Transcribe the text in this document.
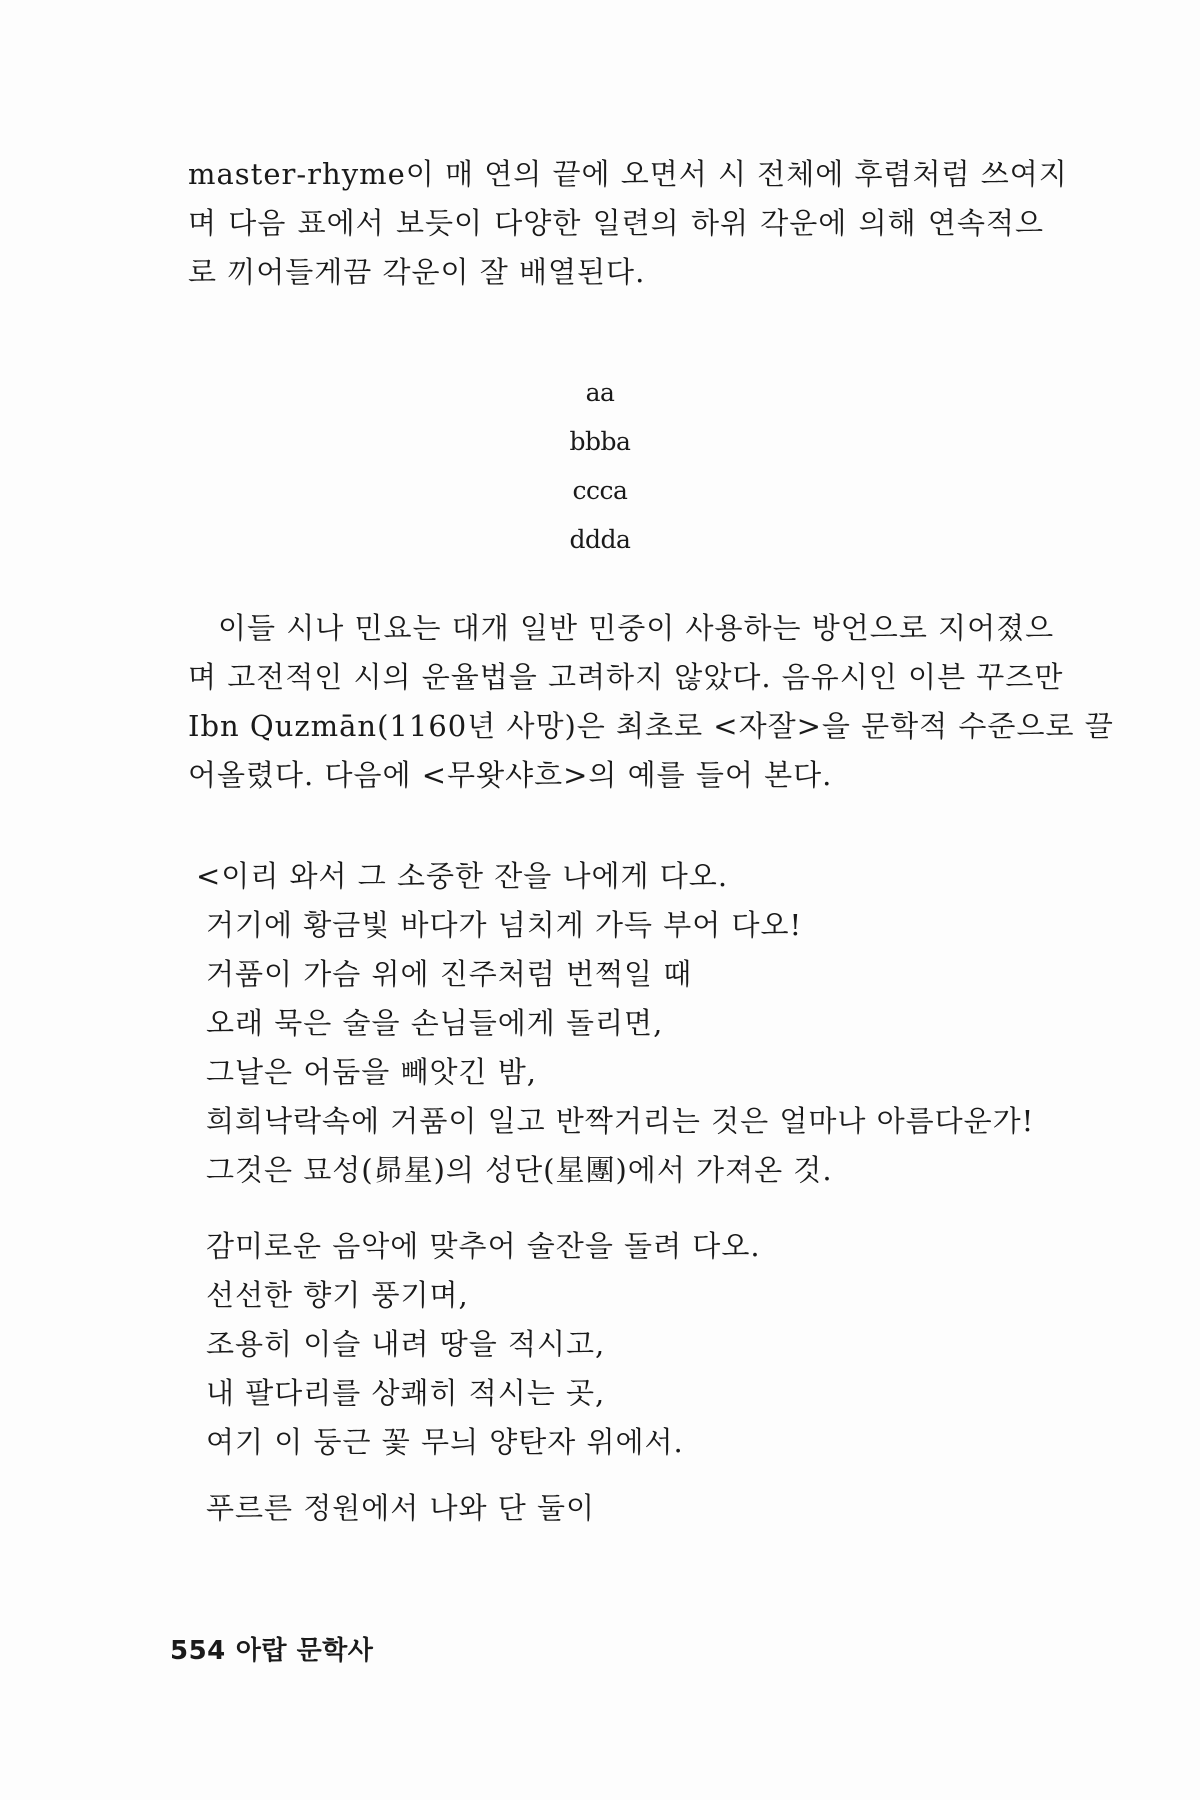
master-rhyme이 매 연의 끝에 오면서 시 전체에 후렴처럼 쓰여지
며 다음 표에서 보듯이 다양한 일련의 하위 각운에 의해 연속적으
로 끼어들게끔 각운이 잘 배열된다.
aa
bbba
ccca
ddda
이들 시나 민요는 대개 일반 민중이 사용하는 방언으로 지어졌으
며 고전적인 시의 운율법을 고려하지 않았다. 음유시인 이븐 꾸즈만
Ibn Quzmān(1160년 사망)은 최초로 <자잘>을 문학적 수준으로 끌
어올렸다. 다음에 <무왓샤흐>의 예를 들어 본다.
<이리 와서 그 소중한 잔을 나에게 다오.
거기에 황금빛 바다가 넘치게 가득 부어 다오!
거품이 가슴 위에 진주처럼 번쩍일 때
오래 묵은 술을 손님들에게 돌리면,
그날은 어둠을 빼앗긴 밤,
희희낙락속에 거품이 일고 반짝거리는 것은 얼마나 아름다운가!
그것은 묘성(昴星)의 성단(星團)에서 가져온 것.
감미로운 음악에 맞추어 술잔을 돌려 다오.
선선한 향기 풍기며,
조용히 이슬 내려 땅을 적시고,
내 팔다리를 상쾌히 적시는 곳,
여기 이 둥근 꽃 무늬 양탄자 위에서.
푸르른 정원에서 나와 단 둘이
554 아랍 문학사
